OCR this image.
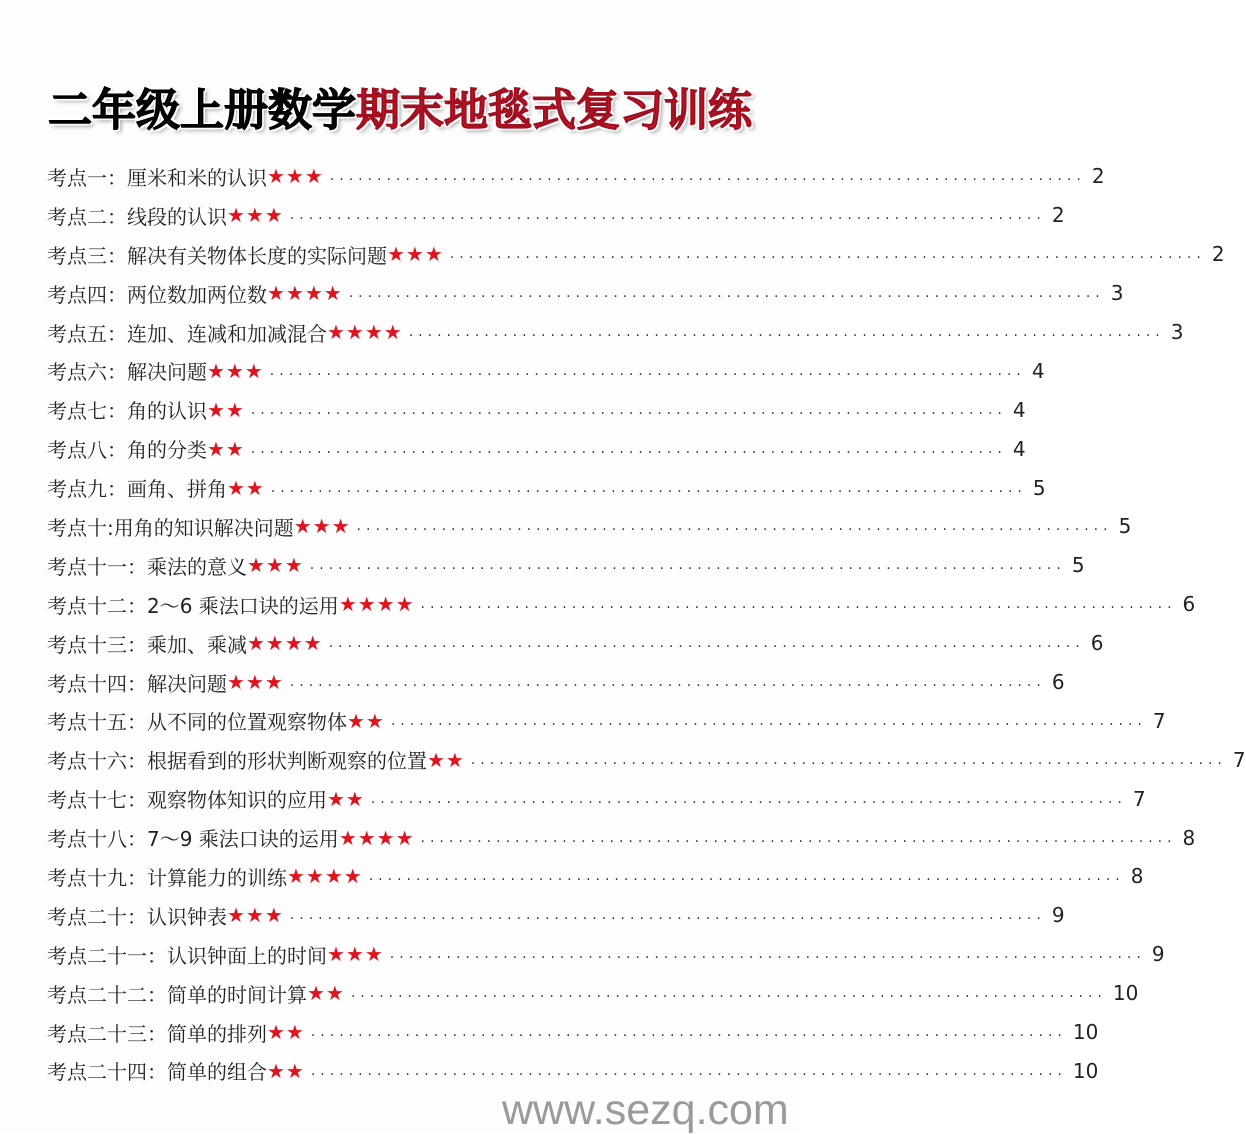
二年级上册数学期末地毯式复习训练
考点一：厘米和米的认识 ★★★ ................................................................................ 2
考点二：线段的认识 ★★★ ................................................................................ 2
考点三：解决有关物体长度的实际问题 ★★★ ................................................................................ 2
考点四：两位数加两位数 ★★★★ ................................................................................ 3
考点五：连加、连减和加减混合 ★★★★ ................................................................................ 3
考点六：解决问题 ★★★ ................................................................................ 4
考点七：角的认识 ★★ ................................................................................ 4
考点八：角的分类 ★★ ................................................................................ 4
考点九：画角、拼角 ★★ ................................................................................ 5
考点十:用角的知识解决问题 ★★★ ................................................................................ 5
考点十一：乘法的意义 ★★★ ................................................................................ 5
考点十二：2～6 乘法口诀的运用 ★★★★ ................................................................................ 6
考点十三：乘加、乘减 ★★★★ ................................................................................ 6
考点十四：解决问题 ★★★ ................................................................................ 6
考点十五：从不同的位置观察物体 ★★ ................................................................................ 7
考点十六：根据看到的形状判断观察的位置 ★★ ................................................................................ 7
考点十七：观察物体知识的应用 ★★ ................................................................................ 7
考点十八：7～9 乘法口诀的运用 ★★★★ ................................................................................ 8
考点十九：计算能力的训练 ★★★★ ................................................................................ 8
考点二十：认识钟表 ★★★ ................................................................................ 9
考点二十一：认识钟面上的时间 ★★★ ................................................................................ 9
考点二十二：简单的时间计算 ★★ ................................................................................ 10
考点二十三：简单的排列 ★★ ................................................................................ 10
考点二十四：简单的组合 ★★ ................................................................................ 10
www.sezq.com
